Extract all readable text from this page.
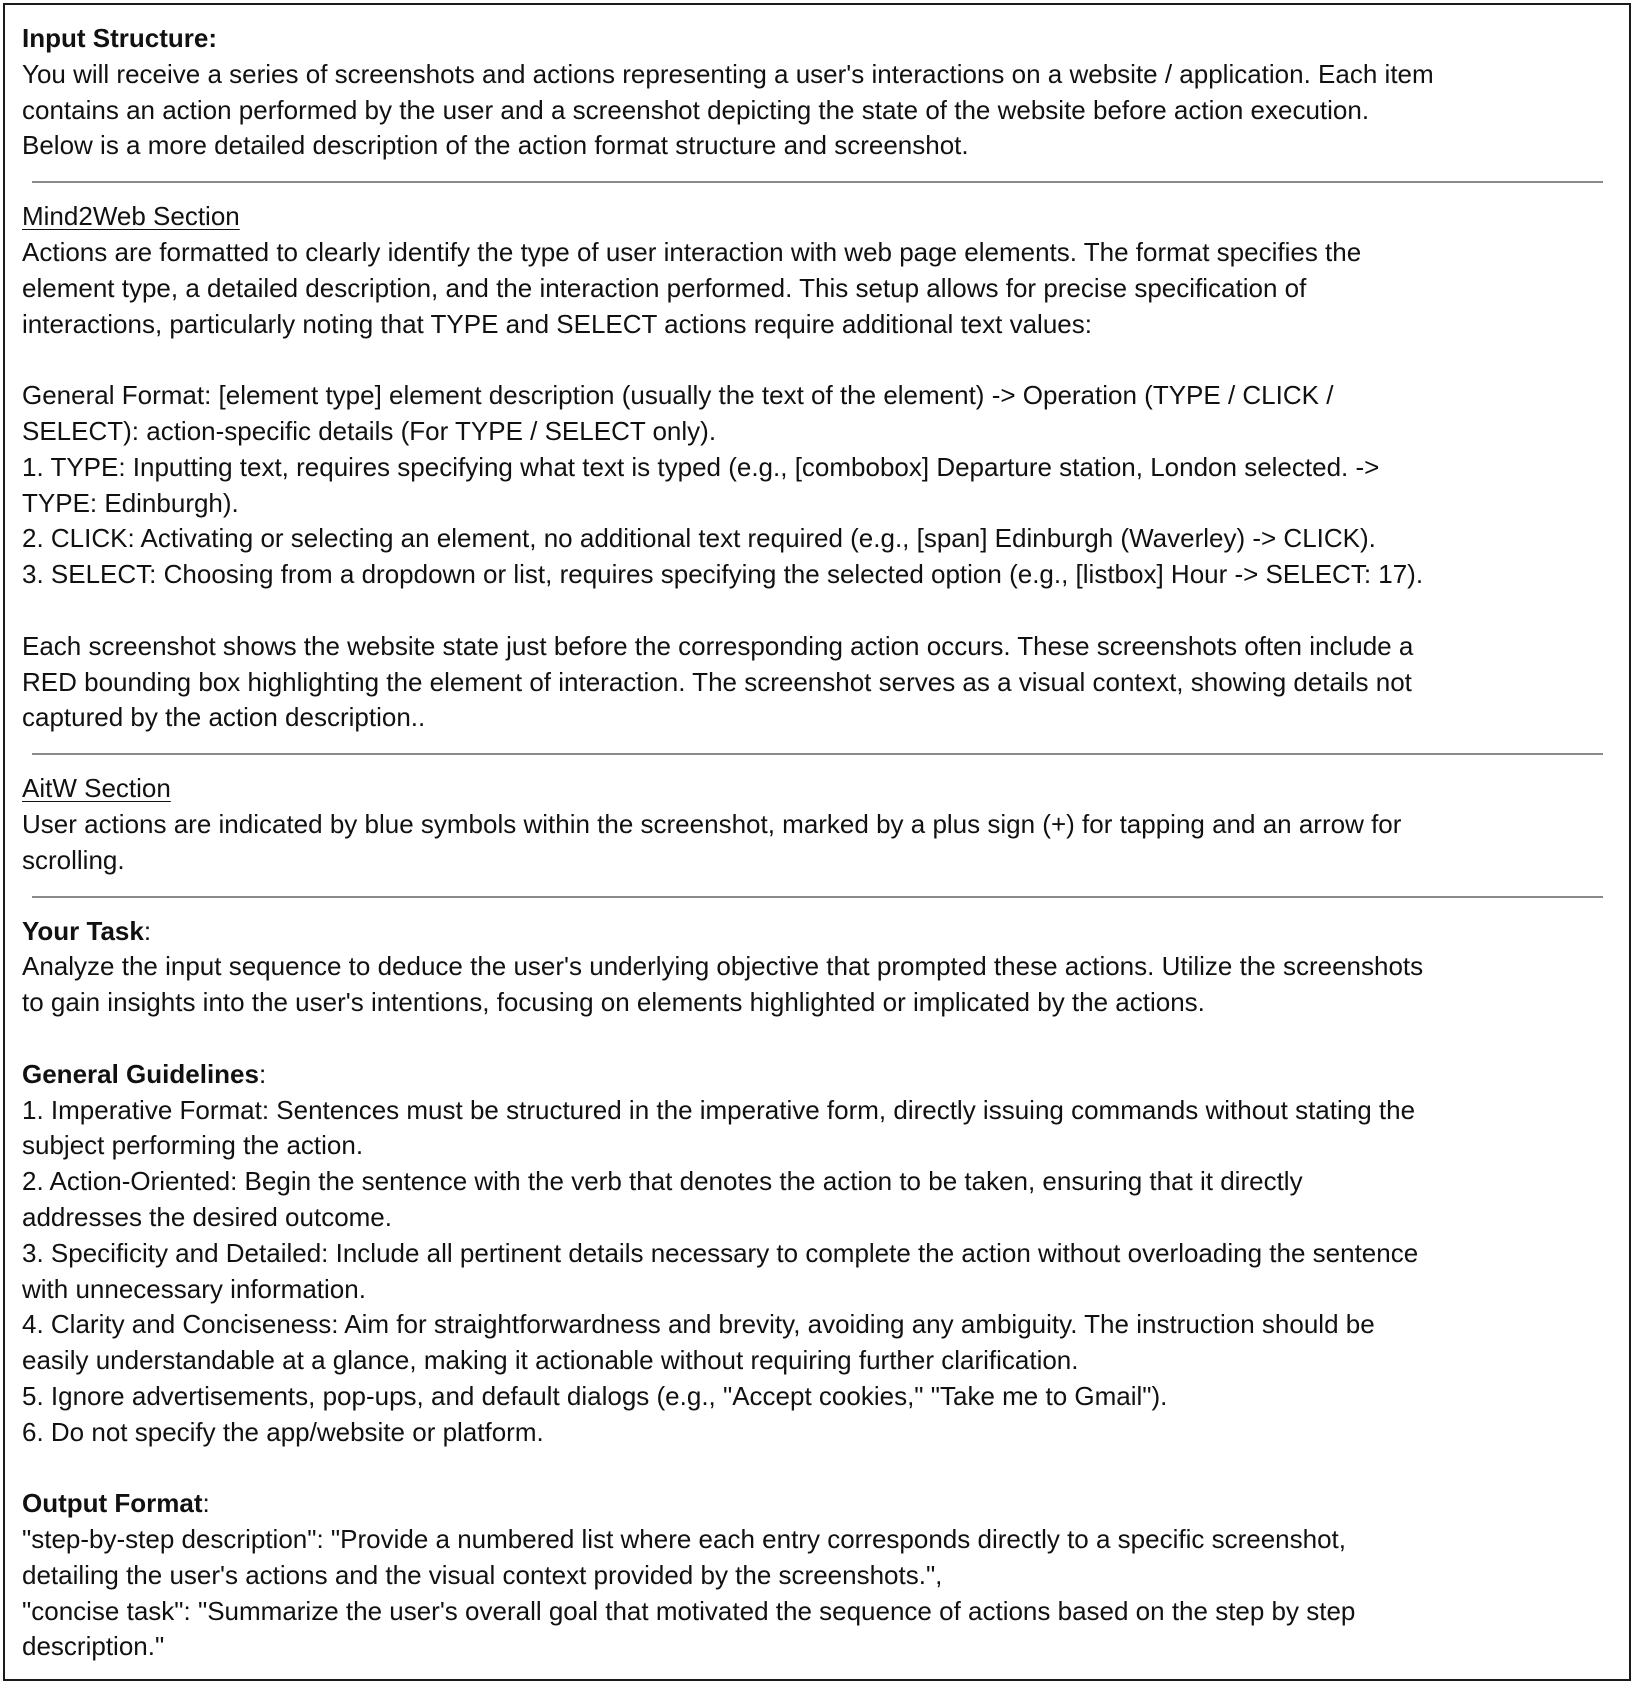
Input Structure:

You will receive a series of screenshots and actions representing a user's interactions on a website / application. Each item

contains an action performed by the user and a screenshot depicting the state of the website before action execution.

Below is a more detailed description of the action format structure and screenshot.

Mind2Web Section

Actions are formatted to clearly identify the type of user interaction with web page elements. The format specifies the

element type, a detailed description, and the interaction performed. This setup allows for precise specification of

interactions, particularly noting that TYPE and SELECT actions require additional text values:

General Format: [element type] element description (usually the text of the element) -> Operation (TYPE / CLICK /

SELECT): action-specific details (For TYPE / SELECT only).

1. TYPE: Inputting text, requires specifying what text is typed (e.g., [combobox] Departure station, London selected. ->

TYPE: Edinburgh).

2. CLICK: Activating or selecting an element, no additional text required (e.g., [span] Edinburgh (Waverley) -> CLICK).

3. SELECT: Choosing from a dropdown or list, requires specifying the selected option (e.g., [listbox] Hour -> SELECT: 17).

Each screenshot shows the website state just before the corresponding action occurs. These screenshots often include a

RED bounding box highlighting the element of interaction. The screenshot serves as a visual context, showing details not

captured by the action description..

AitW Section

User actions are indicated by blue symbols within the screenshot, marked by a plus sign (+) for tapping and an arrow for

scrolling.

Your Task:

Analyze the input sequence to deduce the user's underlying objective that prompted these actions. Utilize the screenshots

to gain insights into the user's intentions, focusing on elements highlighted or implicated by the actions.

General Guidelines:

1. Imperative Format: Sentences must be structured in the imperative form, directly issuing commands without stating the

subject performing the action.

2. Action-Oriented: Begin the sentence with the verb that denotes the action to be taken, ensuring that it directly

addresses the desired outcome.

3. Specificity and Detailed: Include all pertinent details necessary to complete the action without overloading the sentence

with unnecessary information.

4. Clarity and Conciseness: Aim for straightforwardness and brevity, avoiding any ambiguity. The instruction should be

easily understandable at a glance, making it actionable without requiring further clarification.

5. Ignore advertisements, pop-ups, and default dialogs (e.g., "Accept cookies," "Take me to Gmail").

6. Do not specify the app/website or platform.

Output Format:

"step-by-step description": "Provide a numbered list where each entry corresponds directly to a specific screenshot,

detailing the user's actions and the visual context provided by the screenshots.",

"concise task": "Summarize the user's overall goal that motivated the sequence of actions based on the step by step

description."
